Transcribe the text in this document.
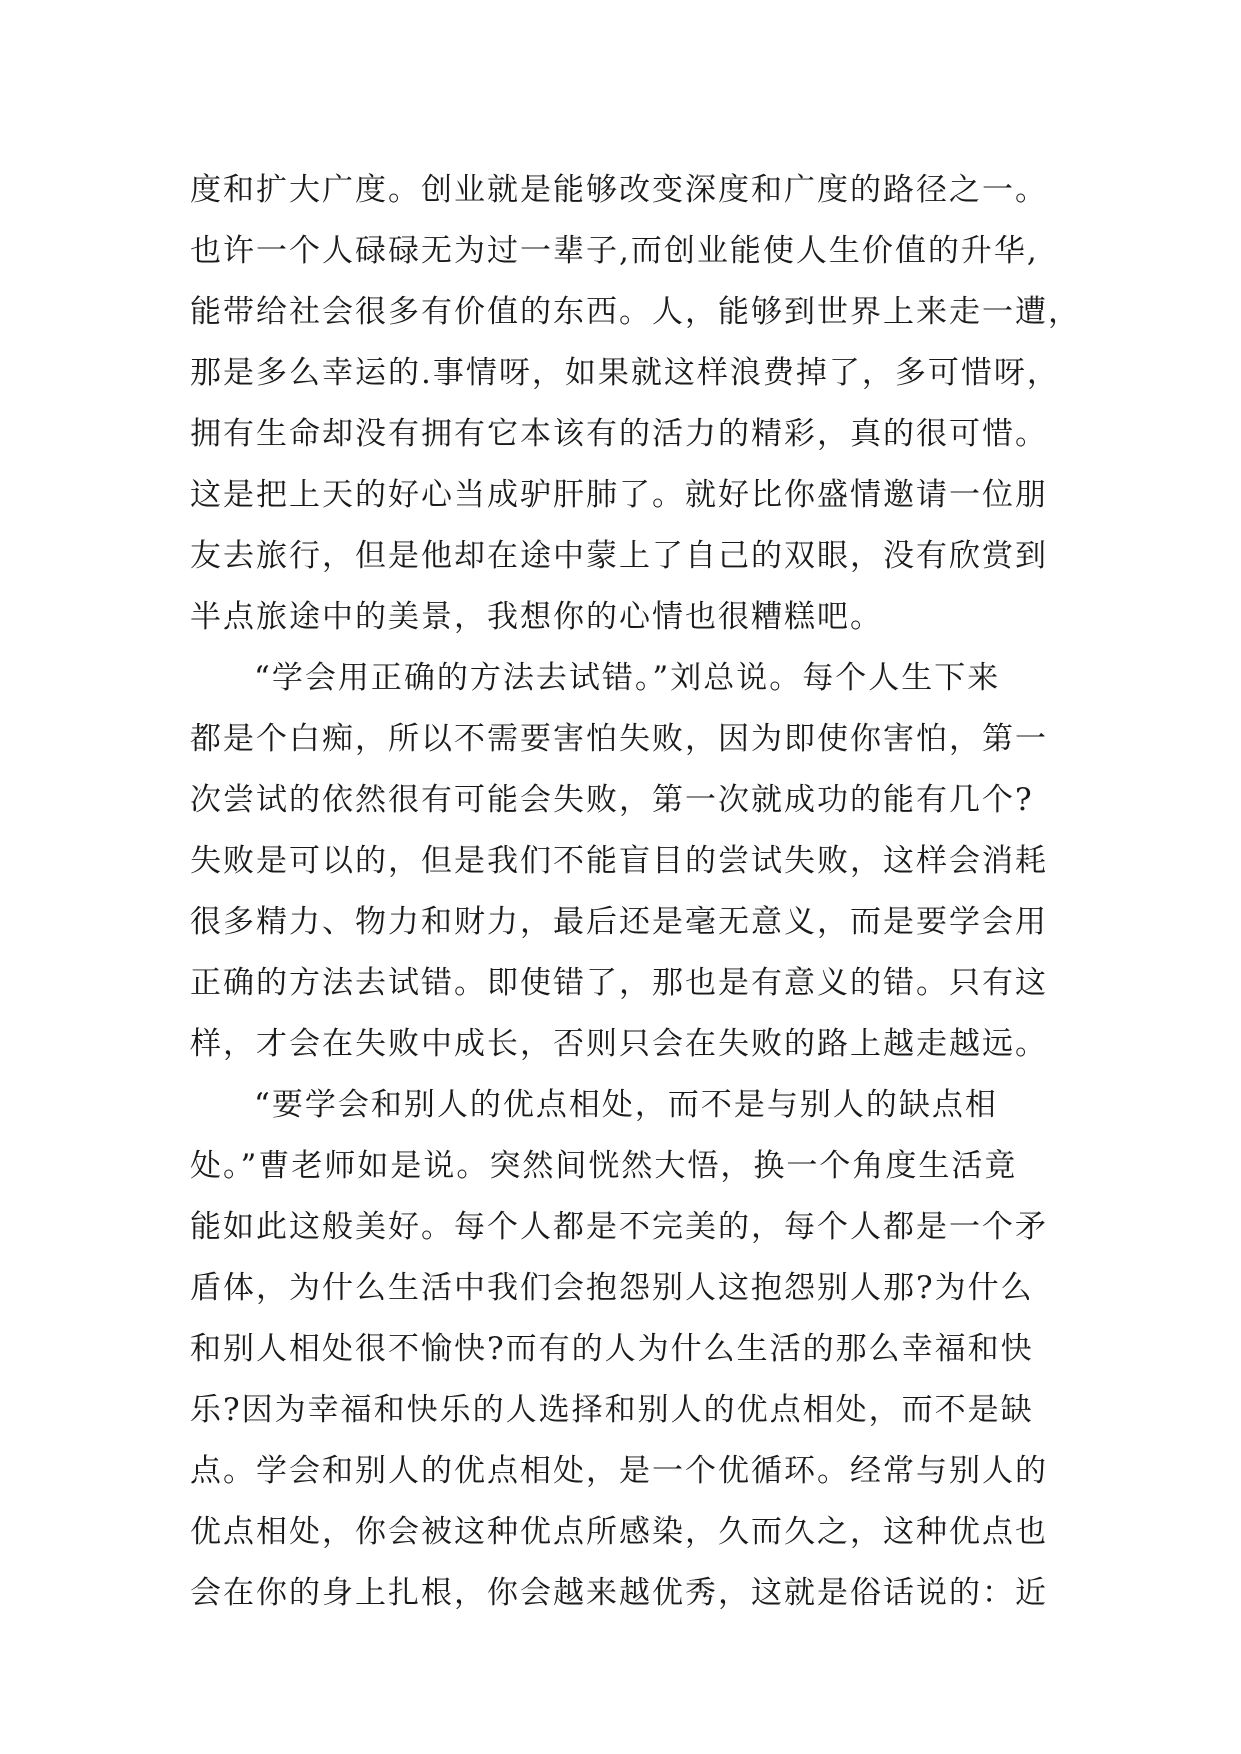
度和扩大广度。创业就是能够改变深度和广度的路径之一。
也许一个人碌碌无为过一辈子,而创业能使人生价值的升华,
能带给社会很多有价值的东西。人，能够到世界上来走一遭，
那是多么幸运的.事情呀，如果就这样浪费掉了，多可惜呀，
拥有生命却没有拥有它本该有的活力的精彩，真的很可惜。
这是把上天的好心当成驴肝肺了。就好比你盛情邀请一位朋
友去旅行，但是他却在途中蒙上了自己的双眼，没有欣赏到
半点旅途中的美景，我想你的心情也很糟糕吧。
“学会用正确的方法去试错。”刘总说。每个人生下来
都是个白痴，所以不需要害怕失败，因为即使你害怕，第一
次尝试的依然很有可能会失败，第一次就成功的能有几个?
失败是可以的，但是我们不能盲目的尝试失败，这样会消耗
很多精力、物力和财力，最后还是毫无意义，而是要学会用
正确的方法去试错。即使错了，那也是有意义的错。只有这
样，才会在失败中成长，否则只会在失败的路上越走越远。
“要学会和别人的优点相处，而不是与别人的缺点相
处。”曹老师如是说。突然间恍然大悟，换一个角度生活竟
能如此这般美好。每个人都是不完美的，每个人都是一个矛
盾体，为什么生活中我们会抱怨别人这抱怨别人那?为什么
和别人相处很不愉快?而有的人为什么生活的那么幸福和快
乐?因为幸福和快乐的人选择和别人的优点相处，而不是缺
点。学会和别人的优点相处，是一个优循环。经常与别人的
优点相处，你会被这种优点所感染，久而久之，这种优点也
会在你的身上扎根，你会越来越优秀，这就是俗话说的：近
